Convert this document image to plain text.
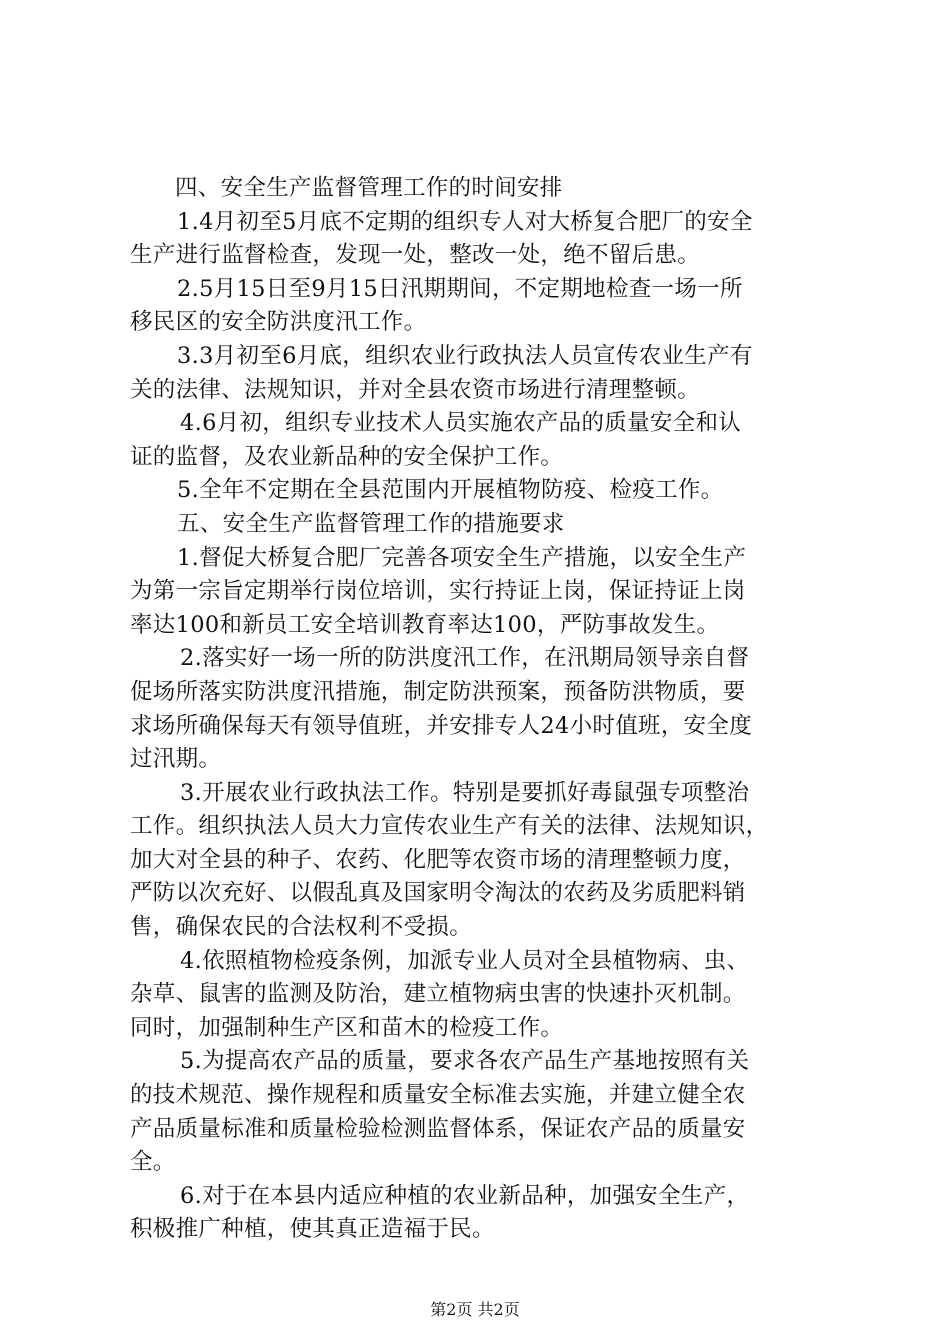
四、安全生产监督管理工作的时间安排
1.4月初至5月底不定期的组织专人对大桥复合肥厂的安全
生产进行监督检查，发现一处，整改一处，绝不留后患。
2.5月15日至9月15日汛期期间，不定期地检查一场一所
移民区的安全防洪度汛工作。
3.3月初至6月底，组织农业行政执法人员宣传农业生产有
关的法律、法规知识，并对全县农资市场进行清理整顿。
4.6月初，组织专业技术人员实施农产品的质量安全和认
证的监督，及农业新品种的安全保护工作。
5.全年不定期在全县范围内开展植物防疫、检疫工作。
五、安全生产监督管理工作的措施要求
1.督促大桥复合肥厂完善各项安全生产措施，以安全生产
为第一宗旨定期举行岗位培训，实行持证上岗，保证持证上岗
率达100和新员工安全培训教育率达100，严防事故发生。
2.落实好一场一所的防洪度汛工作，在汛期局领导亲自督
促场所落实防洪度汛措施，制定防洪预案，预备防洪物质，要
求场所确保每天有领导值班，并安排专人24小时值班，安全度
过汛期。
3.开展农业行政执法工作。特别是要抓好毒鼠强专项整治
工作。组织执法人员大力宣传农业生产有关的法律、法规知识，
加大对全县的种子、农药、化肥等农资市场的清理整顿力度，
严防以次充好、以假乱真及国家明令淘汰的农药及劣质肥料销
售，确保农民的合法权利不受损。
4.依照植物检疫条例，加派专业人员对全县植物病、虫、
杂草、鼠害的监测及防治，建立植物病虫害的快速扑灭机制。
同时，加强制种生产区和苗木的检疫工作。
5.为提高农产品的质量，要求各农产品生产基地按照有关
的技术规范、操作规程和质量安全标准去实施，并建立健全农
产品质量标准和质量检验检测监督体系，保证农产品的质量安
全。
6.对于在本县内适应种植的农业新品种，加强安全生产，
积极推广种植，使其真正造福于民。
第2页 共2页
